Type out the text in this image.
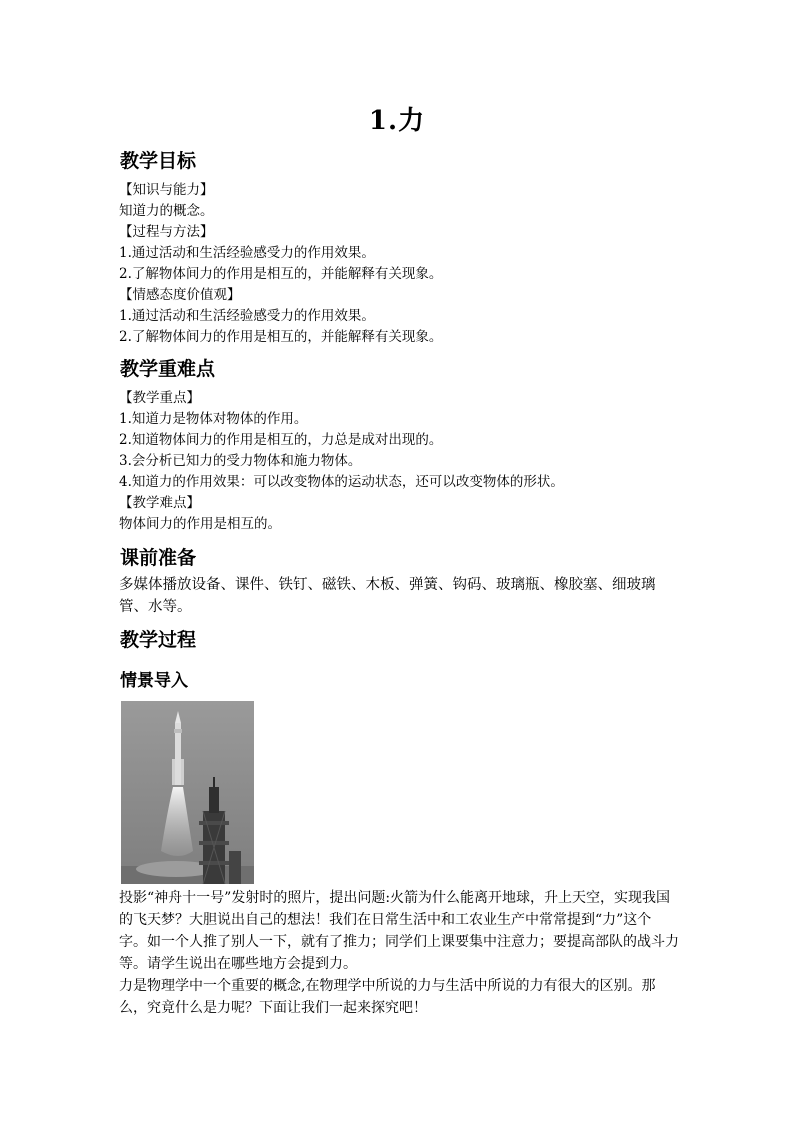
1.力
教学目标
【知识与能力】
知道力的概念。
【过程与方法】
1.通过活动和生活经验感受力的作用效果。
2.了解物体间力的作用是相互的，并能解释有关现象。
【情感态度价值观】
1.通过活动和生活经验感受力的作用效果。
2.了解物体间力的作用是相互的，并能解释有关现象。
教学重难点
【教学重点】
1.知道力是物体对物体的作用。
2.知道物体间力的作用是相互的，力总是成对出现的。
3.会分析已知力的受力物体和施力物体。
4.知道力的作用效果：可以改变物体的运动状态，还可以改变物体的形状。
【教学难点】
物体间力的作用是相互的。
课前准备
多媒体播放设备、课件、铁钉、磁铁、木板、弹簧、钩码、玻璃瓶、橡胶塞、细玻璃管、水等。
教学过程
情景导入
投影“神舟十一号”发射时的照片，提出问题:火箭为什么能离开地球，升上天空，实现我国的飞天梦？大胆说出自己的想法！我们在日常生活中和工农业生产中常常提到“力”这个字。如一个人推了别人一下，就有了推力；同学们上课要集中注意力；要提高部队的战斗力等。请学生说出在哪些地方会提到力。
力是物理学中一个重要的概念,在物理学中所说的力与生活中所说的力有很大的区别。那么，究竟什么是力呢？下面让我们一起来探究吧！
